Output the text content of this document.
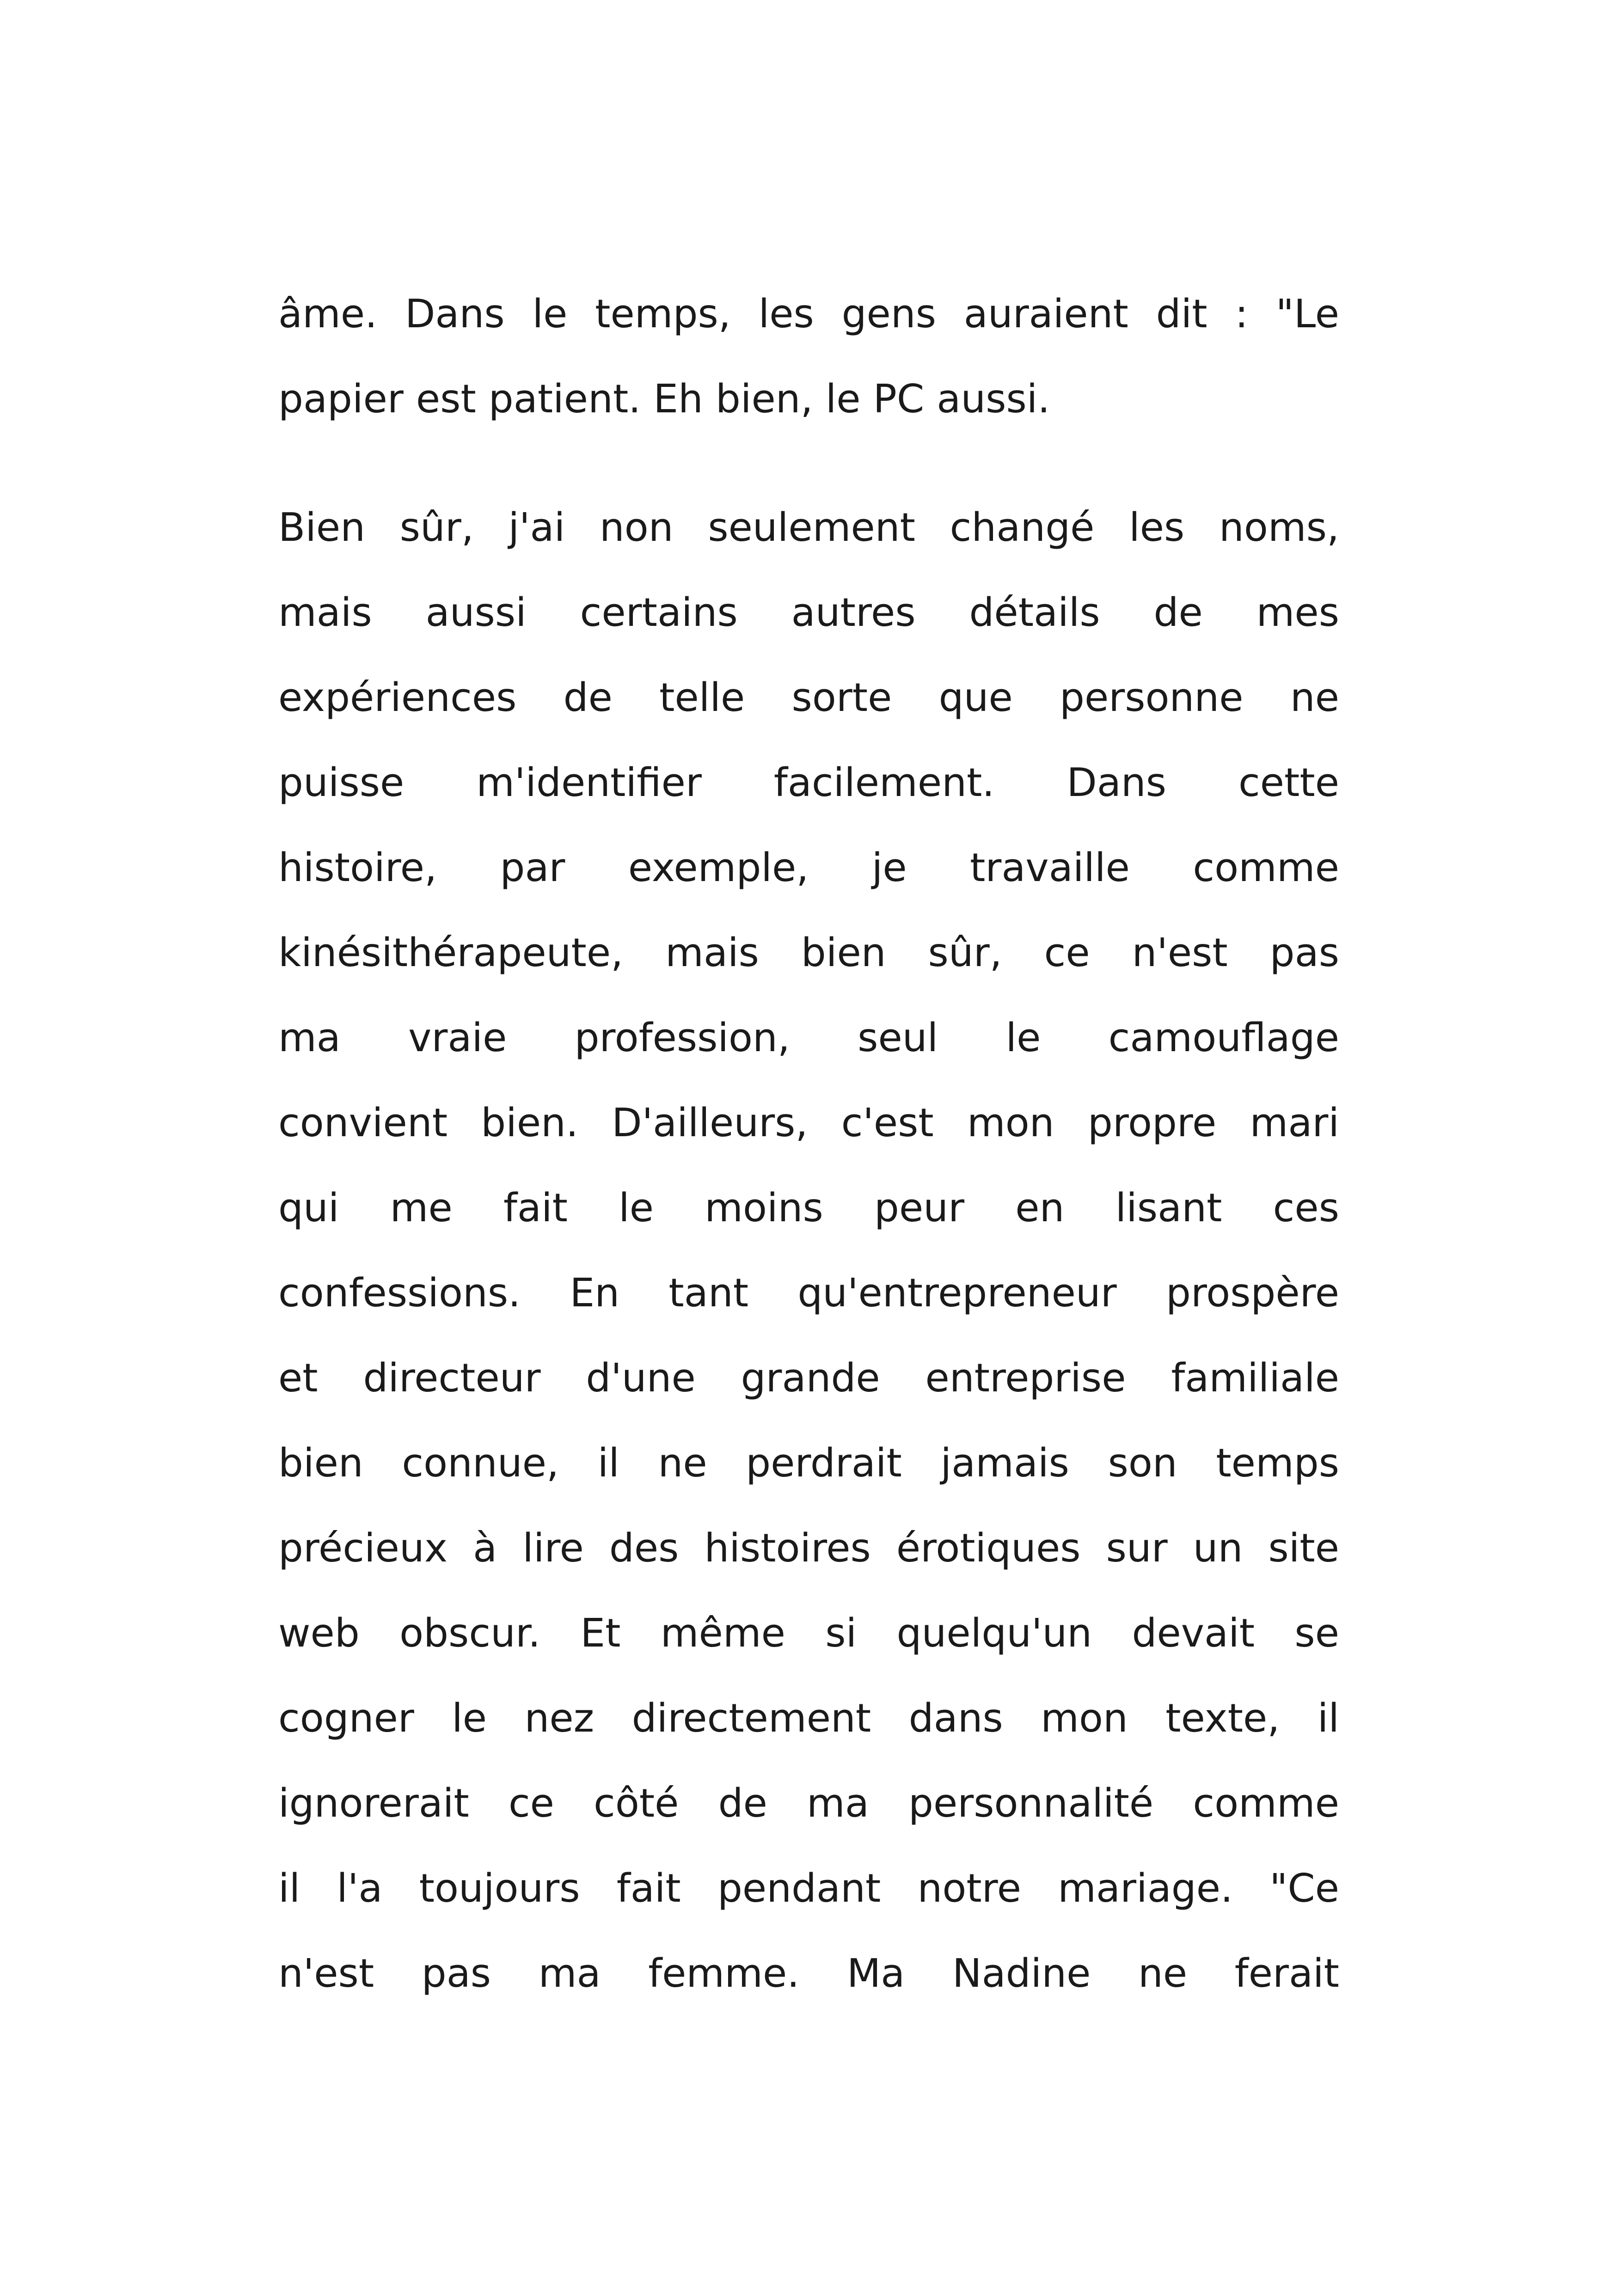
âme. Dans le temps, les gens auraient dit : "Le
papier est patient. Eh bien, le PC aussi.
Bien sûr, j'ai non seulement changé les noms,
mais aussi certains autres détails de mes
expériences de telle sorte que personne ne
puisse m'identifier facilement. Dans cette
histoire, par exemple, je travaille comme
kinésithérapeute, mais bien sûr, ce n'est pas
ma vraie profession, seul le camouflage
convient bien. D'ailleurs, c'est mon propre mari
qui me fait le moins peur en lisant ces
confessions. En tant qu'entrepreneur prospère
et directeur d'une grande entreprise familiale
bien connue, il ne perdrait jamais son temps
précieux à lire des histoires érotiques sur un site
web obscur. Et même si quelqu'un devait se
cogner le nez directement dans mon texte, il
ignorerait ce côté de ma personnalité comme
il l'a toujours fait pendant notre mariage. "Ce
n'est pas ma femme. Ma Nadine ne ferait
